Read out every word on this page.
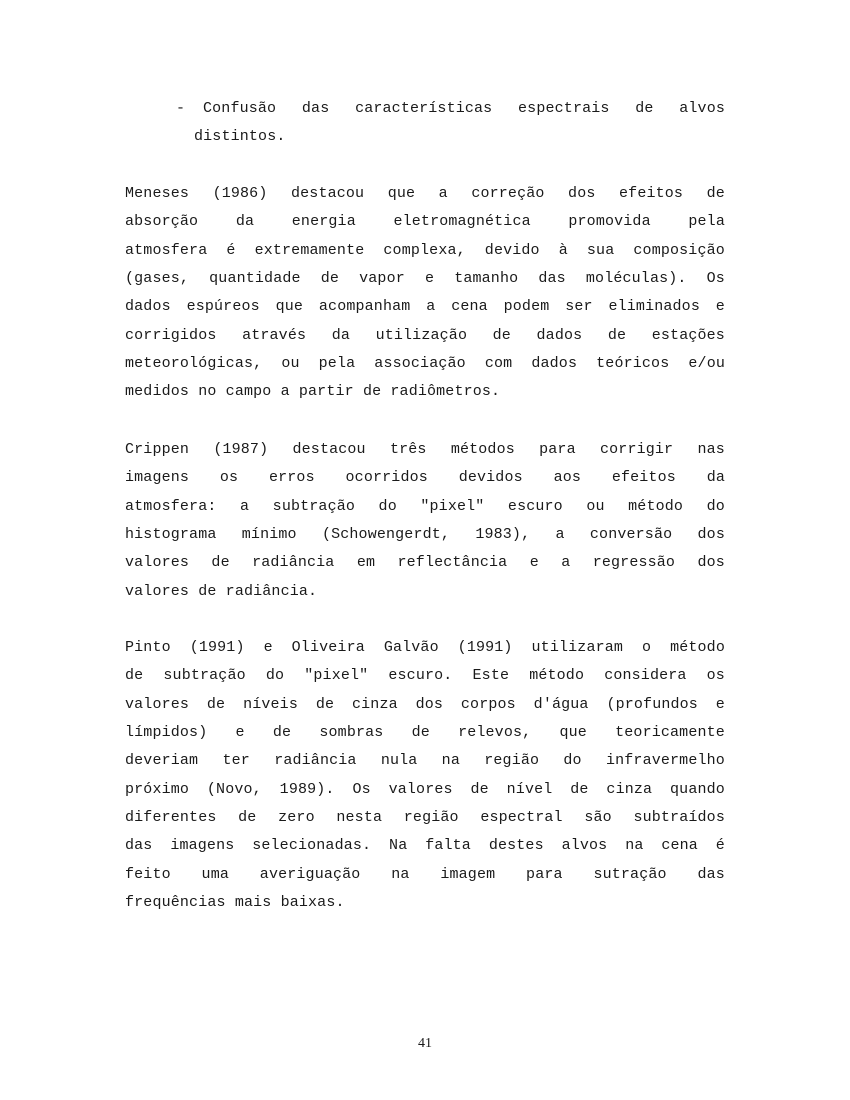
- Confusão das características espectrais de alvos
distintos.
Meneses (1986) destacou que a correção dos efeitos de
absorção	da	energia	eletromagnética	promovida	pela
atmosfera é extremamente complexa, devido à sua composição
(gases, quantidade de vapor e tamanho das moléculas). Os
dados espúreos que acompanham a cena podem ser eliminados e
corrigidos através da utilização de dados de estações
meteorológicas, ou pela associação com dados teóricos e/ou
medidos no campo a partir de radiômetros.
Crippen (1987) destacou três métodos para corrigir nas
imagens os erros ocorridos devidos aos efeitos da
atmosfera: a subtração do "pixel" escuro ou método do
histograma mínimo (Schowengerdt, 1983), a conversão dos
valores de radiância em reflectância e a regressão dos
valores de radiância.
Pinto (1991) e Oliveira Galvão (1991) utilizaram o método
de subtração do "pixel" escuro. Este método considera os
valores de níveis de cinza dos corpos d'água (profundos e
límpidos) e de sombras de relevos, que teoricamente
deveriam ter radiância nula na região do infravermelho
próximo (Novo, 1989). Os valores de nível de cinza quando
diferentes de zero nesta região espectral são subtraídos
das imagens selecionadas. Na falta destes alvos na cena é
feito uma averiguação na imagem para sutração das
frequências mais baixas.
41
